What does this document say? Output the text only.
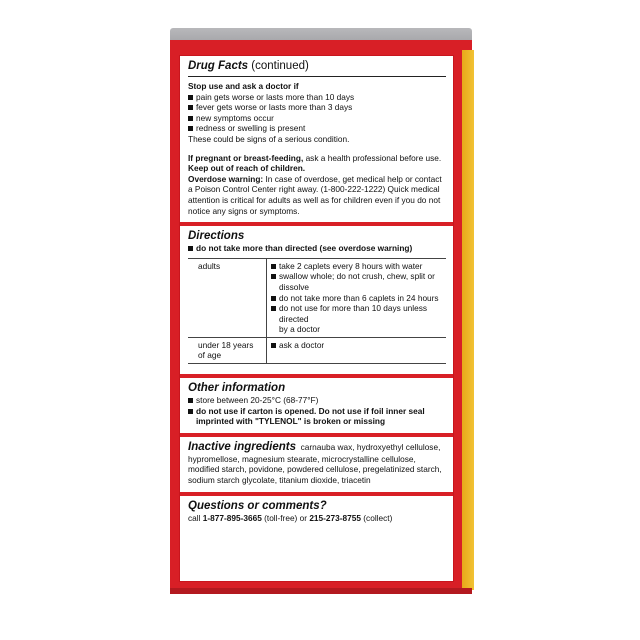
Drug Facts (continued)
Stop use and ask a doctor if
pain gets worse or lasts more than 10 days
fever gets worse or lasts more than 3 days
new symptoms occur
redness or swelling is present
These could be signs of a serious condition.
If pregnant or breast-feeding, ask a health professional before use.
Keep out of reach of children.
Overdose warning: In case of overdose, get medical help or contact a Poison Control Center right away. (1-800-222-1222) Quick medical attention is critical for adults as well as for children even if you do not notice any signs or symptoms.
Directions
do not take more than directed (see overdose warning)
adults	take 2 caplets every 8 hours with water
swallow whole; do not crush, chew, split or dissolve
do not take more than 6 caplets in 24 hours
do not use for more than 10 days unless directed
by a doctor
under 18 years of age
ask a doctor
Other information
store between 20-25°C (68-77°F)
do not use if carton is opened. Do not use if foil inner seal imprinted with "TYLENOL" is broken or missing
Inactive ingredients carnauba wax, hydroxyethyl cellulose, hypromellose, magnesium stearate, microcrystalline cellulose, modified starch, povidone, powdered cellulose, pregelatinized starch, sodium starch glycolate, titanium dioxide, triacetin
Questions or comments?
call 1-877-895-3665 (toll-free) or 215-273-8755 (collect)
